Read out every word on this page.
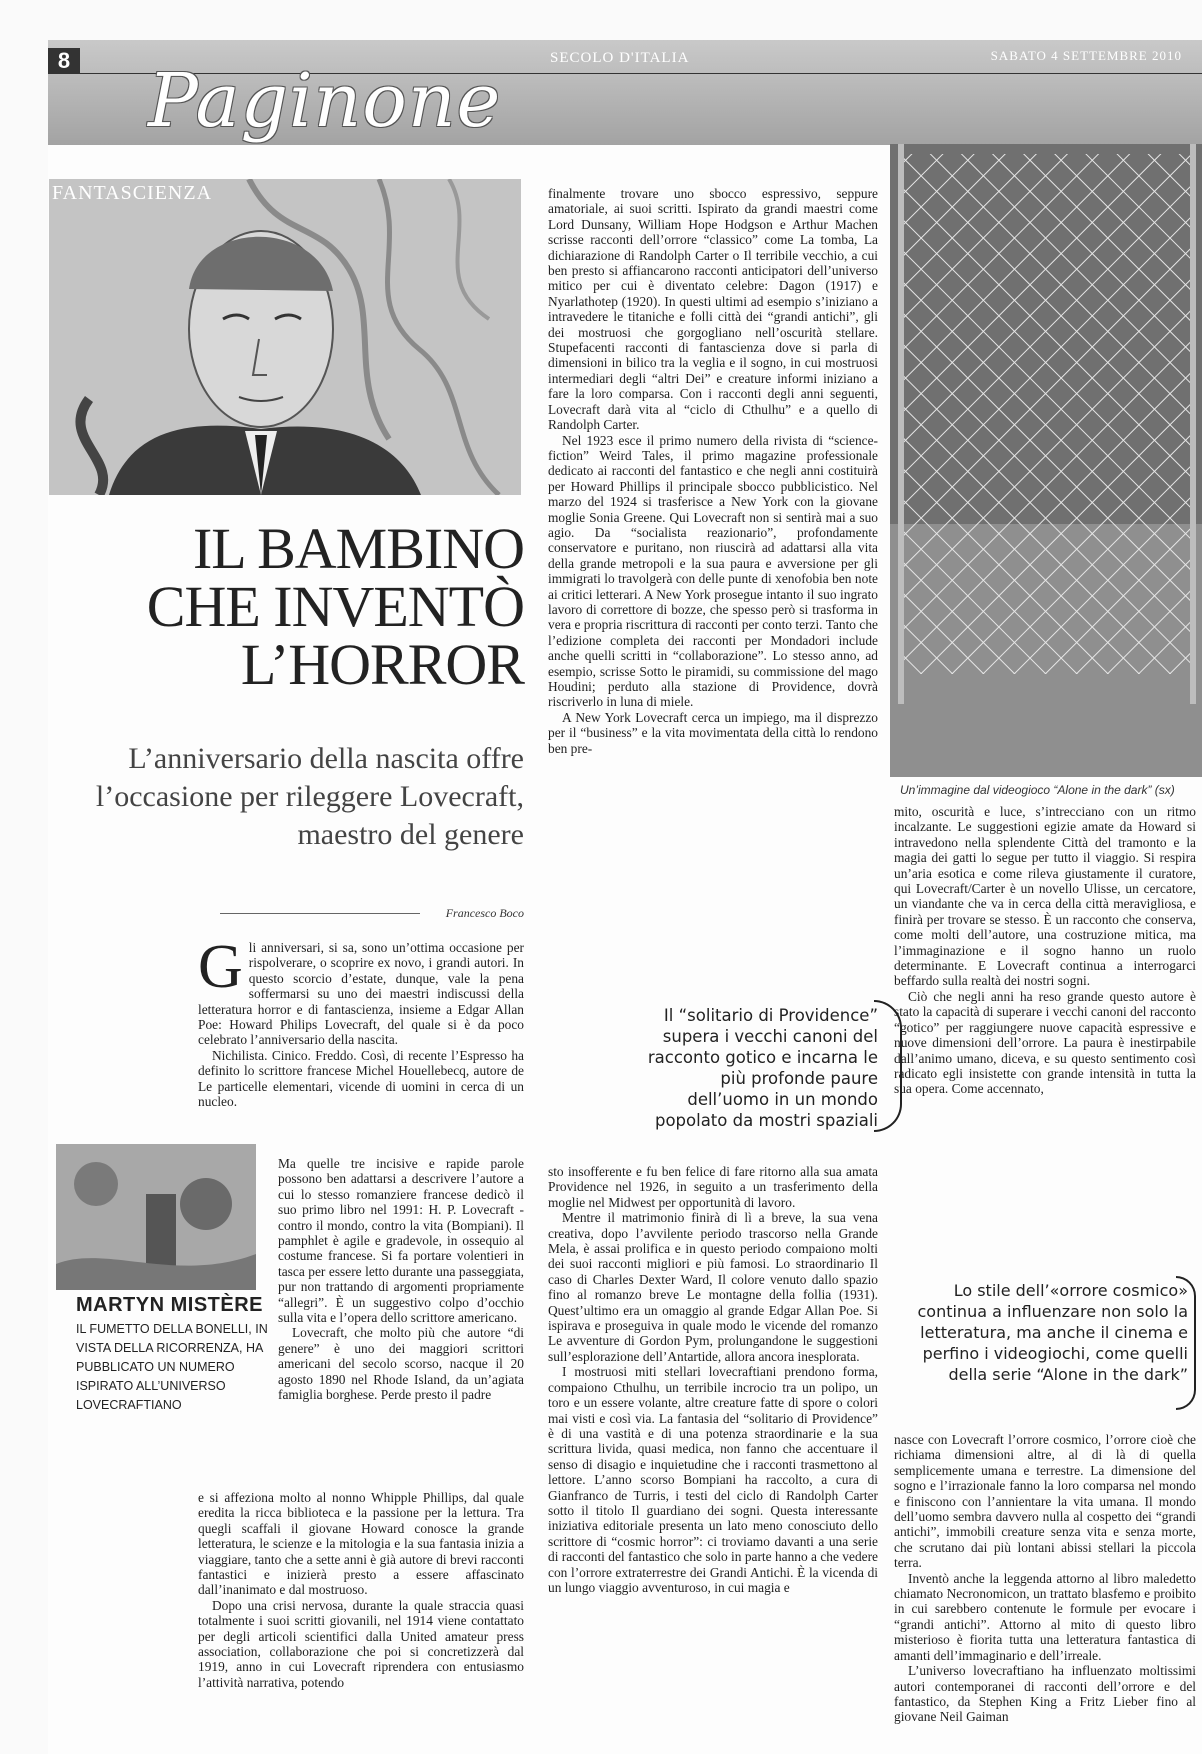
8 Paginone	SECOLO D'ITALIA	SABATO 4 SETTEMBRE 2010
FANTASCIENZA
Un’immagine dal videogioco “Alone in the dark” (sx)
IL BAMBINO
CHE INVENTÒ
L’HORROR
L’anniversario della nascita offre l’occasione per rileggere Lovecraft, maestro del genere
Francesco Boco

Gli anniversari, si sa, sono un’ottima occasione per rispolverare, o scoprire ex novo, i grandi autori. In questo scorcio d’estate, dunque, vale la pena soffermarsi su uno dei maestri indiscussi della letteratura horror e di fantascienza, insieme a Edgar Allan Poe: Howard Philips Lovecraft, del quale si è da poco celebrato l’anniversario della nascita.

Nichilista. Cinico. Freddo. Così, di recente l’Espresso ha definito lo scrittore francese Michel Houellebecq, autore de Le particelle elementari, vicende di uomini in cerca di un nucleo.

MARTYN MISTÈRE
IL FUMETTO DELLA BONELLI, IN VISTA DELLA RICORRENZA, HA PUBBLICATO UN NUMERO ISPIRATO ALL’UNIVERSO LOVECRAFTIANO

Ma quelle tre incisive e rapide parole possono ben adattarsi a descrivere l’autore a cui lo stesso romanziere francese dedicò il suo primo libro nel 1991: H. P. Lovecraft - contro il mondo, contro la vita (Bompiani). Il pamphlet è agile e gradevole, in ossequio al costume francese. Si fa portare volentieri in tasca per essere letto durante una passeggiata, pur non trattando di argomenti propriamente “allegri”. È un suggestivo colpo d’occhio sulla vita e l’opera dello scrittore americano.

Lovecraft, che molto più che autore “di genere” è uno dei maggiori scrittori americani del secolo scorso, nacque il 20 agosto 1890 nel Rhode Island, da un’agiata famiglia borghese. Perde presto il padre

e si affeziona molto al nonno Whipple Phillips, dal quale eredita la ricca biblioteca e la passione per la lettura. Tra quegli scaffali il giovane Howard conosce la grande letteratura, le scienze e la mitologia e la sua fantasia inizia a viaggiare, tanto che a sette anni è già autore di brevi racconti fantastici e inizierà presto a essere affascinato dall’inanimato e dal mostruoso.

Dopo una crisi nervosa, durante la quale straccia quasi totalmente i suoi scritti giovanili, nel 1914 viene contattato per degli articoli scientifici dalla United amateur press association, collaborazione che poi si concretizzerà dal 1919, anno in cui Lovecraft riprendera con entusiasmo l’attività narrativa, potendo

finalmente trovare uno sbocco espressivo, seppure amatoriale, ai suoi scritti. Ispirato da grandi maestri come Lord Dunsany, William Hope Hodgson e Arthur Machen scrisse racconti dell’orrore “classico” come La tomba, La dichiarazione di Randolph Carter o Il terribile vecchio, a cui ben presto si affiancarono racconti anticipatori dell’universo mitico per cui è diventato celebre: Dagon (1917) e Nyarlathotep (1920). In questi ultimi ad esempio s’iniziano a intravedere le titaniche e folli città dei “grandi antichi”, gli dei mostruosi che gorgogliano nell’oscurità stellare. Stupefacenti racconti di fantascienza dove si parla di dimensioni in bilico tra la veglia e il sogno, in cui mostruosi intermediari degli “altri Dei” e creature informi iniziano a fare la loro comparsa. Con i racconti degli anni seguenti, Lovecraft darà vita al “ciclo di Cthulhu” e a quello di Randolph Carter.

Nel 1923 esce il primo numero della rivista di “science-fiction” Weird Tales, il primo magazine professionale dedicato ai racconti del fantastico e che negli anni costituirà per Howard Phillips il principale sbocco pubblicistico. Nel marzo del 1924 si trasferisce a New York con la giovane moglie Sonia Greene. Qui Lovecraft non si sentirà mai a suo agio. Da “socialista reazionario”, profondamente conservatore e puritano, non riuscirà ad adattarsi alla vita della grande metropoli e la sua paura e avversione per gli immigrati lo travolgerà con delle punte di xenofobia ben note ai critici letterari. A New York prosegue intanto il suo ingrato lavoro di correttore di bozze, che spesso però si trasforma in vera e propria riscrittura di racconti per conto terzi. Tanto che l’edizione completa dei racconti per Mondadori include anche quelli scritti in “collaborazione”. Lo stesso anno, ad esempio, scrisse Sotto le piramidi, su commissione del mago Houdini; perduto alla stazione di Providence, dovrà riscriverlo in luna di miele.

A New York Lovecraft cerca un impiego, ma il disprezzo per il “business” e la vita movimentata della città lo rendono ben pre-

Il “solitario di Providence” supera i vecchi canoni del racconto gotico e incarna le più profonde paure dell’uomo in un mondo popolato da mostri spaziali

sto insofferente e fu ben felice di fare ritorno alla sua amata Providence nel 1926, in seguito a un trasferimento della moglie nel Midwest per opportunità di lavoro.

Mentre il matrimonio finirà di lì a breve, la sua vena creativa, dopo l’avvilente periodo trascorso nella Grande Mela, è assai prolifica e in questo periodo compaiono molti dei suoi racconti migliori e più famosi. Lo straordinario Il caso di Charles Dexter Ward, Il colore venuto dallo spazio fino al romanzo breve Le montagne della follia (1931). Quest’ultimo era un omaggio al grande Edgar Allan Poe. Si ispirava e proseguiva in quale modo le vicende del romanzo Le avventure di Gordon Pym, prolungandone le suggestioni sull’esplorazione dell’Antartide, allora ancora inesplorata.

I mostruosi miti stellari lovecraftiani prendono forma, compaiono Cthulhu, un terribile incrocio tra un polipo, un toro e un essere volante, altre creature fatte di spore o colori mai visti e così via. La fantasia del “solitario di Providence” è di una vastità e di una potenza straordinarie e la sua scrittura livida, quasi medica, non fanno che accentuare il senso di disagio e inquietudine che i racconti trasmettono al lettore. L’anno scorso Bompiani ha raccolto, a cura di Gianfranco de Turris, i testi del ciclo di Randolph Carter sotto il titolo Il guardiano dei sogni. Questa interessante iniziativa editoriale presenta un lato meno conosciuto dello scrittore di “cosmic horror”: ci troviamo davanti a una serie di racconti del fantastico che solo in parte hanno a che vedere con l’orrore extraterrestre dei Grandi Antichi. È la vicenda di un lungo viaggio avventuroso, in cui magia e

mito, oscurità e luce, s’intrecciano con un ritmo incalzante. Le suggestioni egizie amate da Howard si intravedono nella splendente Città del tramonto e la magia dei gatti lo segue per tutto il viaggio. Si respira un’aria esotica e come rileva giustamente il curatore, qui Lovecraft/Carter è un novello Ulisse, un cercatore, un viandante che va in cerca della città meravigliosa, e finirà per trovare se stesso. È un racconto che conserva, come molti dell’autore, una costruzione mitica, ma l’immaginazione e il sogno hanno un ruolo determinante. E Lovecraft continua a interrogarci beffardo sulla realtà dei nostri sogni.

Ciò che negli anni ha reso grande questo autore è stato la capacità di superare i vecchi canoni del racconto “gotico” per raggiungere nuove capacità espressive e nuove dimensioni dell’orrore. La paura è inestirpabile dall’animo umano, diceva, e su questo sentimento così radicato egli insistette con grande intensità in tutta la sua opera. Come accennato,

Lo stile dell’«orrore cosmico» continua a influenzare non solo la letteratura, ma anche il cinema e perfino i videogiochi, come quelli della serie “Alone in the dark”

nasce con Lovecraft l’orrore cosmico, l’orrore cioè che richiama dimensioni altre, al di là di quella semplicemente umana e terrestre. La dimensione del sogno e l’irrazionale fanno la loro comparsa nel mondo e finiscono con l’annientare la vita umana. Il mondo dell’uomo sembra davvero nulla al cospetto dei “grandi antichi”, immobili creature senza vita e senza morte, che scrutano dai più lontani abissi stellari la piccola terra.

Inventò anche la leggenda attorno al libro maledetto chiamato Necronomicon, un trattato blasfemo e proibito in cui sarebbero contenute le formule per evocare i “grandi antichi”. Attorno al mito di questo libro misterioso è fiorita tutta una letteratura fantastica di amanti dell’immaginario e dell’irreale.

L’universo lovecraftiano ha influenzato moltissimi autori contemporanei di racconti dell’orrore e del fantastico, da Stephen King a Fritz Lieber fino al giovane Neil Gaiman
